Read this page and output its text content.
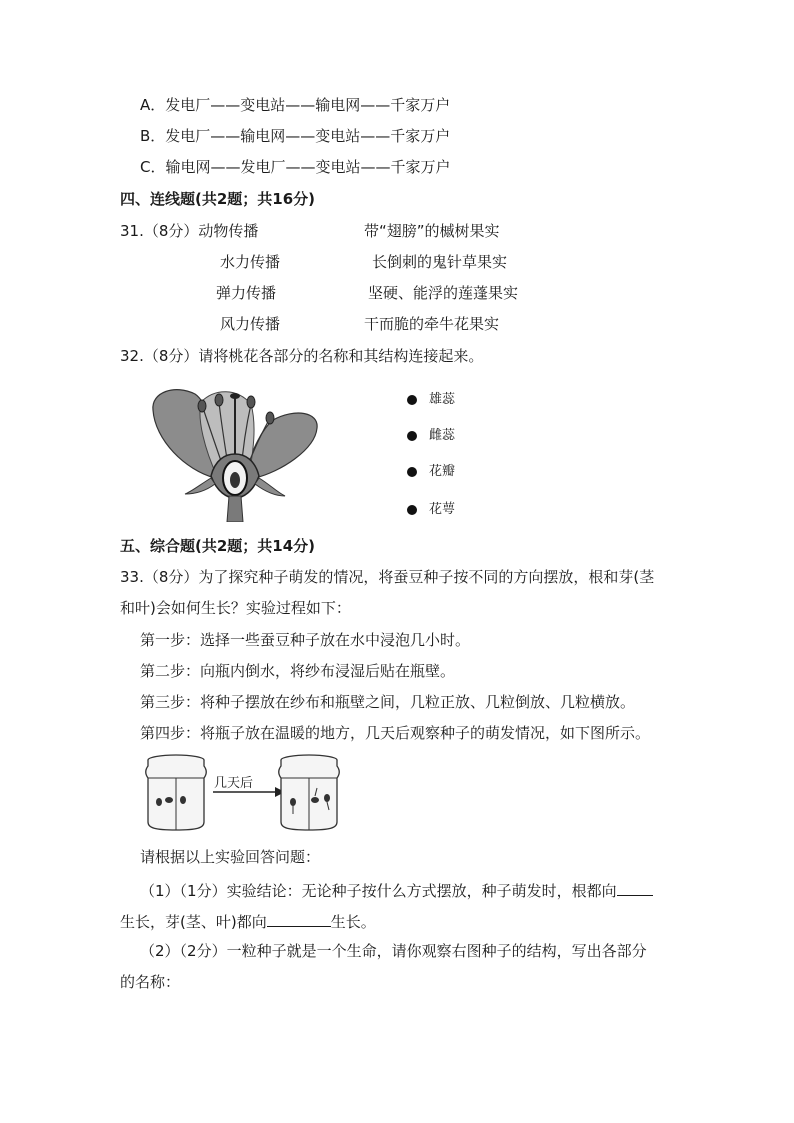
A．发电厂——变电站——输电网——千家万户
B．发电厂——输电网——变电站——千家万户
C．输电网——发电厂——变电站——千家万户
四、连线题(共2题；共16分)
31.（8分）动物传播	带“翅膀”的槭树果实
水力传播	长倒刺的鬼针草果实
弹力传播	坚硬、能浮的莲蓬果实
风力传播	干而脆的牵牛花果实
32.（8分）请将桃花各部分的名称和其结构连接起来。
雄蕊
雌蕊
花瓣
花萼
五、综合题(共2题；共14分)
33.（8分）为了探究种子萌发的情况，将蚕豆种子按不同的方向摆放，根和芽(茎
和叶)会如何生长？实验过程如下：
第一步：选择一些蚕豆种子放在水中浸泡几小时。
第二步：向瓶内倒水，将纱布浸湿后贴在瓶壁。
第三步：将种子摆放在纱布和瓶壁之间，几粒正放、几粒倒放、几粒横放。
第四步：将瓶子放在温暖的地方，几天后观察种子的萌发情况，如下图所示。
几天后
请根据以上实验回答问题：
（1）（1分）实验结论：无论种子按什么方式摆放，种子萌发时，根都向
生长，芽(茎、叶)都向	生长。
（2）（2分）一粒种子就是一个生命，请你观察右图种子的结构，写出各部分
的名称：
